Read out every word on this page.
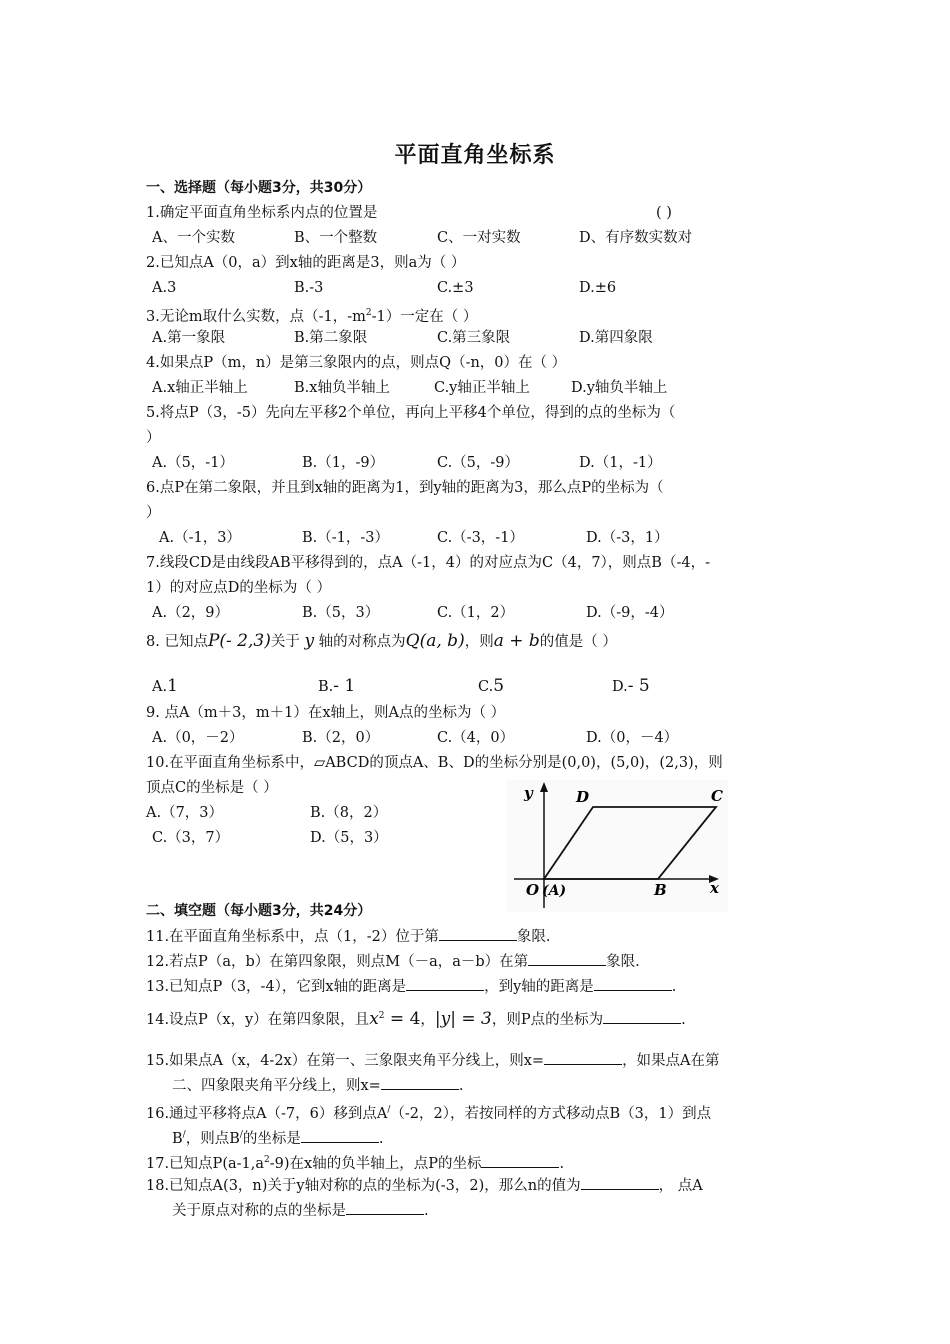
平面直角坐标系
一、选择题（每小题3分，共30分）
1.确定平面直角坐标系内点的位置是	( )
A、一个实数	B、一个整数	C、一对实数	D、有序数实数对
2.已知点A（0，a）到x轴的距离是3，则a为（ ）
A.3	B.-3	C.±3	D.±6
3.无论m取什么实数，点（-1，$-m^2-1$）一定在（ ）
A.第一象限	B.第二象限	C.第三象限	D.第四象限
4.如果点P（m，n）是第三象限内的点，则点Q（-n，0）在（ ）
A.x轴正半轴上	B.x轴负半轴上	C.y轴正半轴上	D.y轴负半轴上
5.将点P（3，-5）先向左平移2个单位，再向上平移4个单位，得到的点的坐标为（
）
A.（5，-1）	B.（1，-9）	C.（5，-9）	D.（1，-1）
6.点P在第二象限，并且到x轴的距离为1，到y轴的距离为3，那么点P的坐标为（
）
A.（-1，3）	B.（-1，-3）	C.（-3，-1）	D.（-3，1）
7.线段CD是由线段AB平移得到的，点A（-1，4）的对应点为C（4，7），则点B（-4，-
1）的对应点D的坐标为（ ）
A.（2，9）	B.（5，3）	C.（1，2）	D.（-9，-4）
8. 已知点P(- 2,3)关于 y 轴的对称点为Q(a, b)，则a + b的值是（ ）
A.1	B.- 1	C.5	D.- 5
9. 点A（m＋3，m＋1）在x轴上，则A点的坐标为（ ）
A.（0，－2）	B.（2，0）	C.（4，0）	D.（0，－4）
10.在平面直角坐标系中，▱ABCD的顶点A、B、D的坐标分别是(0,0)，(5,0)，(2,3)，则
顶点C的坐标是（ ）
A.（7，3）	B.（8，2）
C.（3，7）	D.（5，3）
y
x
O (A)	B
C
D
二、填空题（每小题3分，共24分）
11.在平面直角坐标系中，点（1，-2）位于第	象限.
12.若点P（a，b）在第四象限，则点M（－a，a－b）在第	象限.
13.已知点P（3，-4），它到x轴的距离是	，到y轴的距离是	.
14.设点P（x，y）在第四象限，且$x^2 = 4$，|y| = 3，则P点的坐标为	.
15.如果点A（x，4-2x）在第一、三象限夹角平分线上，则x=	，如果点A在第
二、四象限夹角平分线上，则x=	.
16.通过平移将点A（-7，6）移到点A/（-2，2），若按同样的方式移动点B（3，1）到点
B/，则点B/的坐标是	.
17.已知点$P(a-1,a^2-9)$在x轴的负半轴上，点P的坐标	.
18.已知点A(3，n)关于y轴对称的点的坐标为(-3，2)，那么n的值为	， 点A
关于原点对称的点的坐标是	.
